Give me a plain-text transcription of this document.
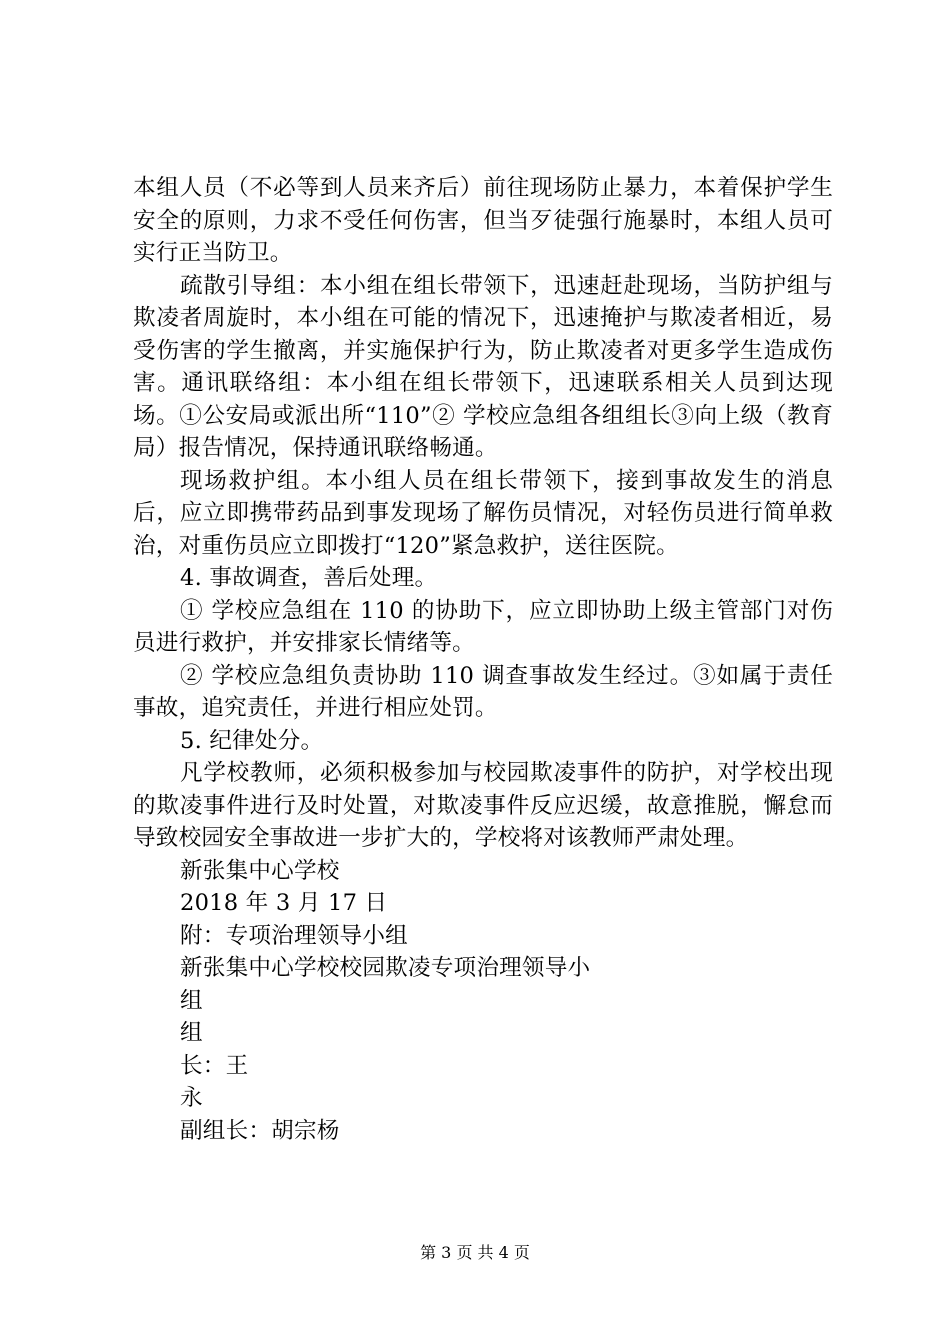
本组人员（不必等到人员来齐后）前往现场防止暴力，本着保护学生安全的原则，力求不受任何伤害，但当歹徒强行施暴时，本组人员可实行正当防卫。

疏散引导组：本小组在组长带领下，迅速赶赴现场，当防护组与欺凌者周旋时，本小组在可能的情况下，迅速掩护与欺凌者相近，易受伤害的学生撤离，并实施保护行为，防止欺凌者对更多学生造成伤害。通讯联络组：本小组在组长带领下，迅速联系相关人员到达现场。①公安局或派出所“110”② 学校应急组各组组长③向上级（教育局）报告情况，保持通讯联络畅通。

现场救护组。本小组人员在组长带领下，接到事故发生的消息后，应立即携带药品到事发现场了解伤员情况，对轻伤员进行简单救治，对重伤员应立即拨打“120”紧急救护，送往医院。

4. 事故调查，善后处理。

① 学校应急组在 110 的协助下，应立即协助上级主管部门对伤员进行救护，并安排家长情绪等。

② 学校应急组负责协助 110 调查事故发生经过。③如属于责任事故，追究责任，并进行相应处罚。

5. 纪律处分。

凡学校教师，必须积极参加与校园欺凌事件的防护，对学校出现的欺凌事件进行及时处置，对欺凌事件反应迟缓，故意推脱，懈怠而导致校园安全事故进一步扩大的，学校将对该教师严肃处理。

新张集中心学校

2018 年 3 月 17 日

附：专项治理领导小组

新张集中心学校校园欺凌专项治理领导小

组

组

长：王

永

副组长：胡宗杨

第 3 页 共 4 页
